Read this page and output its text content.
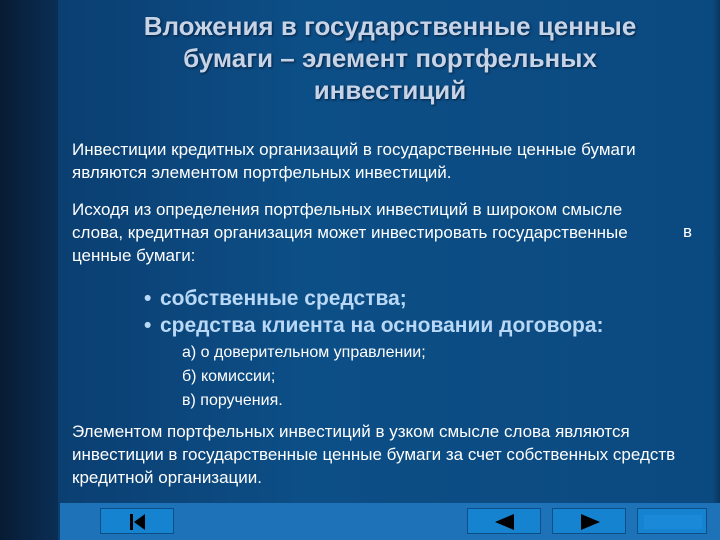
Вложения в государственные ценные
бумаги – элемент портфельных
инвестиций
Инвестиции кредитных организаций в государственные ценные бумаги являются элементом портфельных инвестиций.
Исходя из определения портфельных инвестиций в широком смысле слова, кредитная организация может инвестировать государственные ценные бумаги:
в
• собственные средства;
• средства клиента на основании договора:
а) о доверительном управлении;
б) комиссии;
в) поручения.
Элементом портфельных инвестиций в узком смысле слова являются инвестиции в государственные ценные бумаги за счет собственных средств кредитной организации.
